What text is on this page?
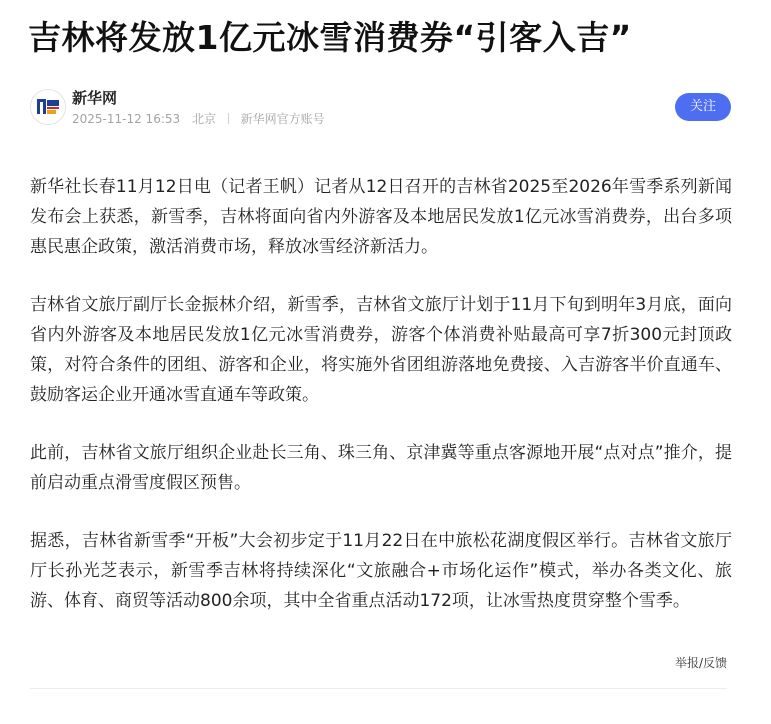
吉林将发放1亿元冰雪消费券“引客入吉”
新华网
2025-11-12 16:53 北京 新华网官方账号
关注

新华社长春11月12日电（记者王帆）记者从12日召开的吉林省2025至2026年雪季系列新闻发布会上获悉，新雪季，吉林将面向省内外游客及本地居民发放1亿元冰雪消费券，出台多项惠民惠企政策，激活消费市场，释放冰雪经济新活力。

吉林省文旅厅副厅长金振林介绍，新雪季，吉林省文旅厅计划于11月下旬到明年3月底，面向省内外游客及本地居民发放1亿元冰雪消费券，游客个体消费补贴最高可享7折300元封顶政策，对符合条件的团组、游客和企业，将实施外省团组游落地免费接、入吉游客半价直通车、鼓励客运企业开通冰雪直通车等政策。

此前，吉林省文旅厅组织企业赴长三角、珠三角、京津冀等重点客源地开展“点对点”推介，提前启动重点滑雪度假区预售。

据悉，吉林省新雪季“开板”大会初步定于11月22日在中旅松花湖度假区举行。吉林省文旅厅厅长孙光芝表示，新雪季吉林将持续深化“文旅融合+市场化运作”模式，举办各类文化、旅游、体育、商贸等活动800余项，其中全省重点活动172项，让冰雪热度贯穿整个雪季。

举报/反馈
